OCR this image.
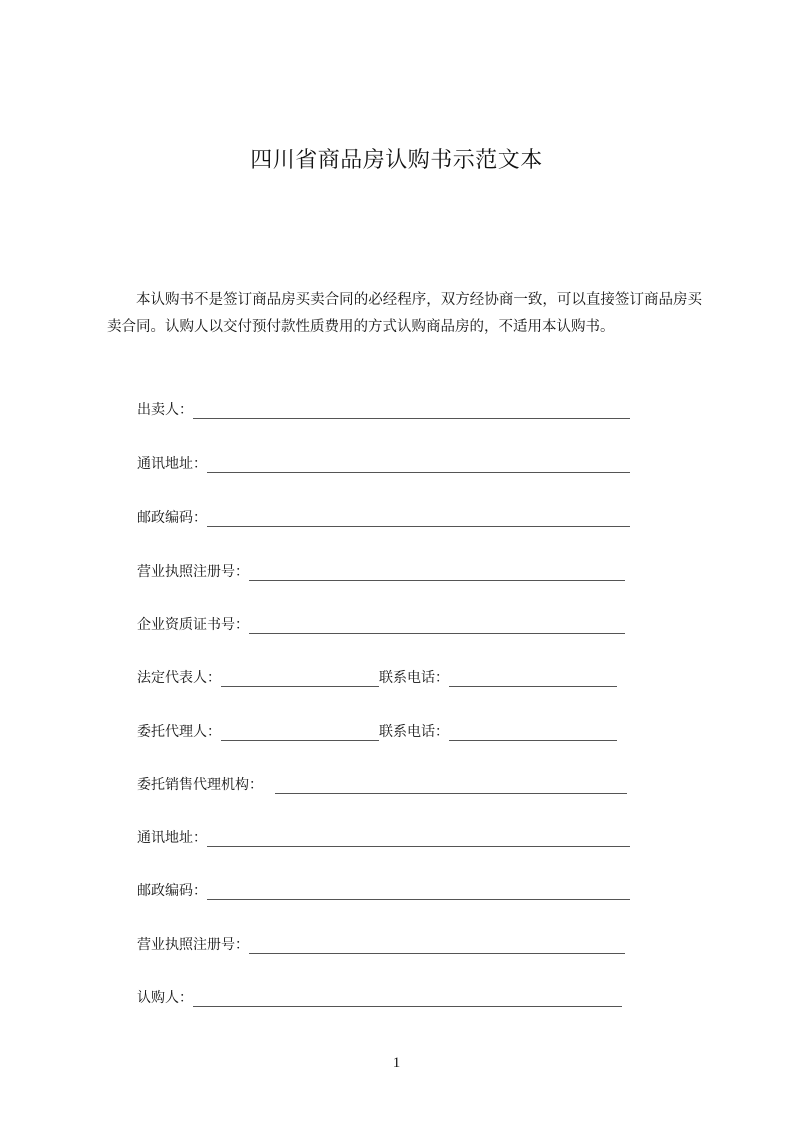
四川省商品房认购书示范文本

本认购书不是签订商品房买卖合同的必经程序，双方经协商一致，可以直接签订商品房买卖合同。认购人以交付预付款性质费用的方式认购商品房的，不适用本认购书。

出卖人：
通讯地址：
邮政编码：
营业执照注册号：
企业资质证书号：
法定代表人：	联系电话：
委托代理人：	联系电话：
委托销售代理机构：
通讯地址：
邮政编码：
营业执照注册号：
认购人：
1
